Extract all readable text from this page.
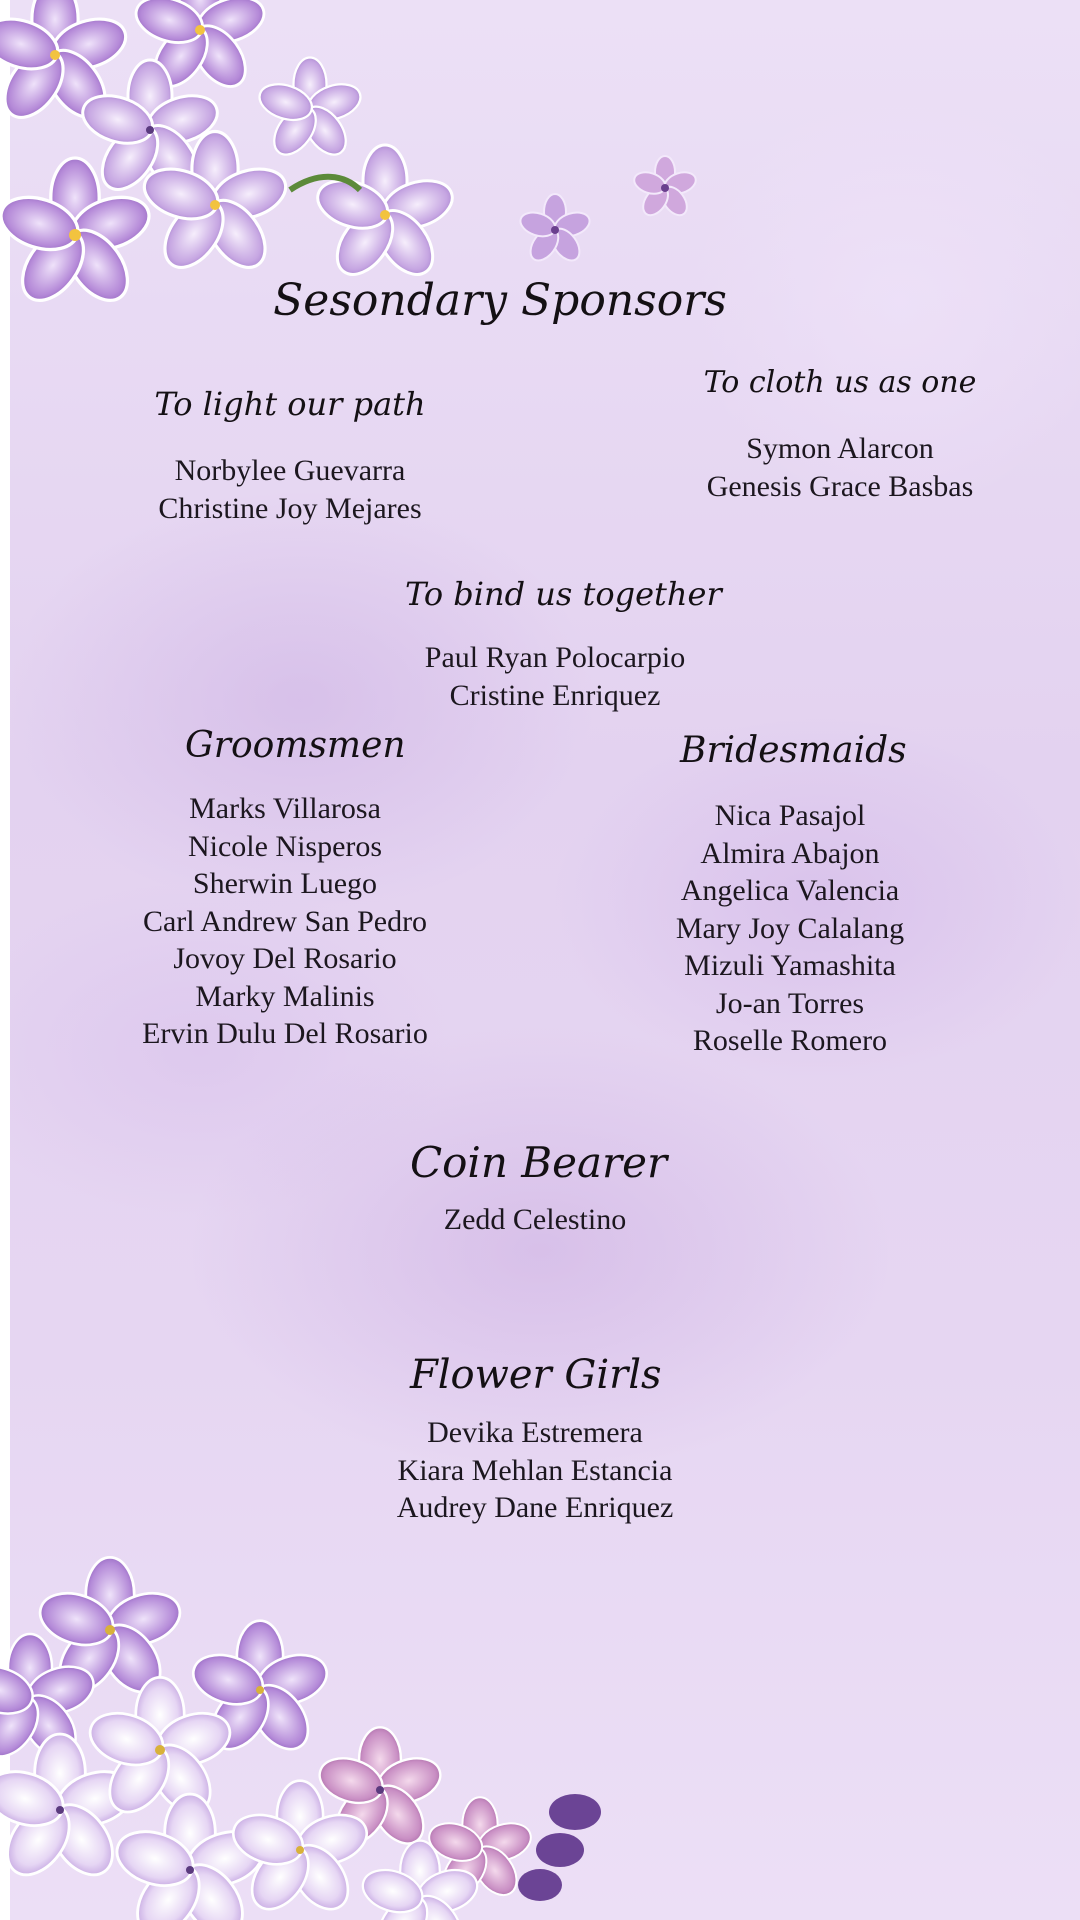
Sesondary Sponsors
To light our path
Norbylee Guevarra
Christine Joy Mejares
To cloth us as one
Symon Alarcon
Genesis Grace Basbas
To bind us together
Paul Ryan Polocarpio
Cristine Enriquez
Groomsmen
Marks Villarosa
Nicole Nisperos
Sherwin Luego
Carl Andrew San Pedro
Jovoy Del Rosario
Marky Malinis
Ervin Dulu Del Rosario
Bridesmaids
Nica Pasajol
Almira Abajon
Angelica Valencia
Mary Joy Calalang
Mizuli Yamashita
Jo-an Torres
Roselle Romero
Coin Bearer
Zedd Celestino
Flower Girls
Devika Estremera
Kiara Mehlan Estancia
Audrey Dane Enriquez
